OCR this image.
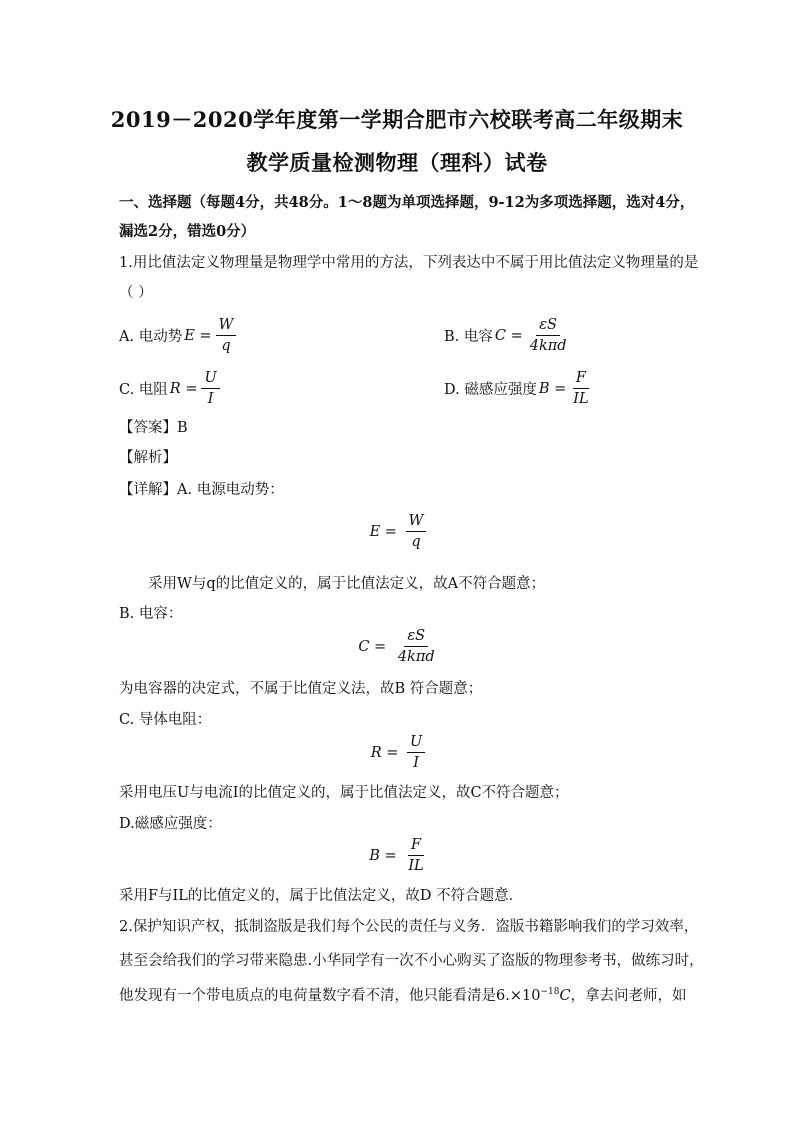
2019－2020学年度第一学期合肥市六校联考高二年级期末
教学质量检测物理（理科）试卷
一、选择题（每题4分，共48分。1～8题为单项选择题，9-12为多项选择题，选对4分，
漏选2分，错选0分）
1.用比值法定义物理量是物理学中常用的方法，下列表达中不属于用比值法定义物理量的是
（ ）
A. 电动势 $E = \frac{W}{q}$	B. 电容 $C = \frac{\varepsilon S}{\text{4kπd}}$
C. 电阻 $R = \frac{U}{I}$	D. 磁感应强度 $B = \frac{F}{IL}$
【答案】B
【解析】
【详解】A. 电源电动势：
$E = \frac{W}{q}$
采用W与q的比值定义的，属于比值法定义，故A不符合题意；
B. 电容：
$C = \frac{\varepsilon S}{\text{4kπd}}$
为电容器的决定式，不属于比值定义法，故B 符合题意；
C. 导体电阻：
$R = \frac{U}{I}$
采用电压U与电流I的比值定义的，属于比值法定义，故C不符合题意；
D.磁感应强度：
$B = \frac{F}{IL}$
采用F与IL的比值定义的，属于比值法定义，故D 不符合题意．
2.保护知识产权，抵制盗版是我们每个公民的责任与义务．盗版书籍影响我们的学习效率，
甚至会给我们的学习带来隐患.小华同学有一次不小心购买了盗版的物理参考书，做练习时，
他发现有一个带电质点的电荷量数字看不清，他只能看清是$6.\times 10^{-18}C$，拿去问老师，如
